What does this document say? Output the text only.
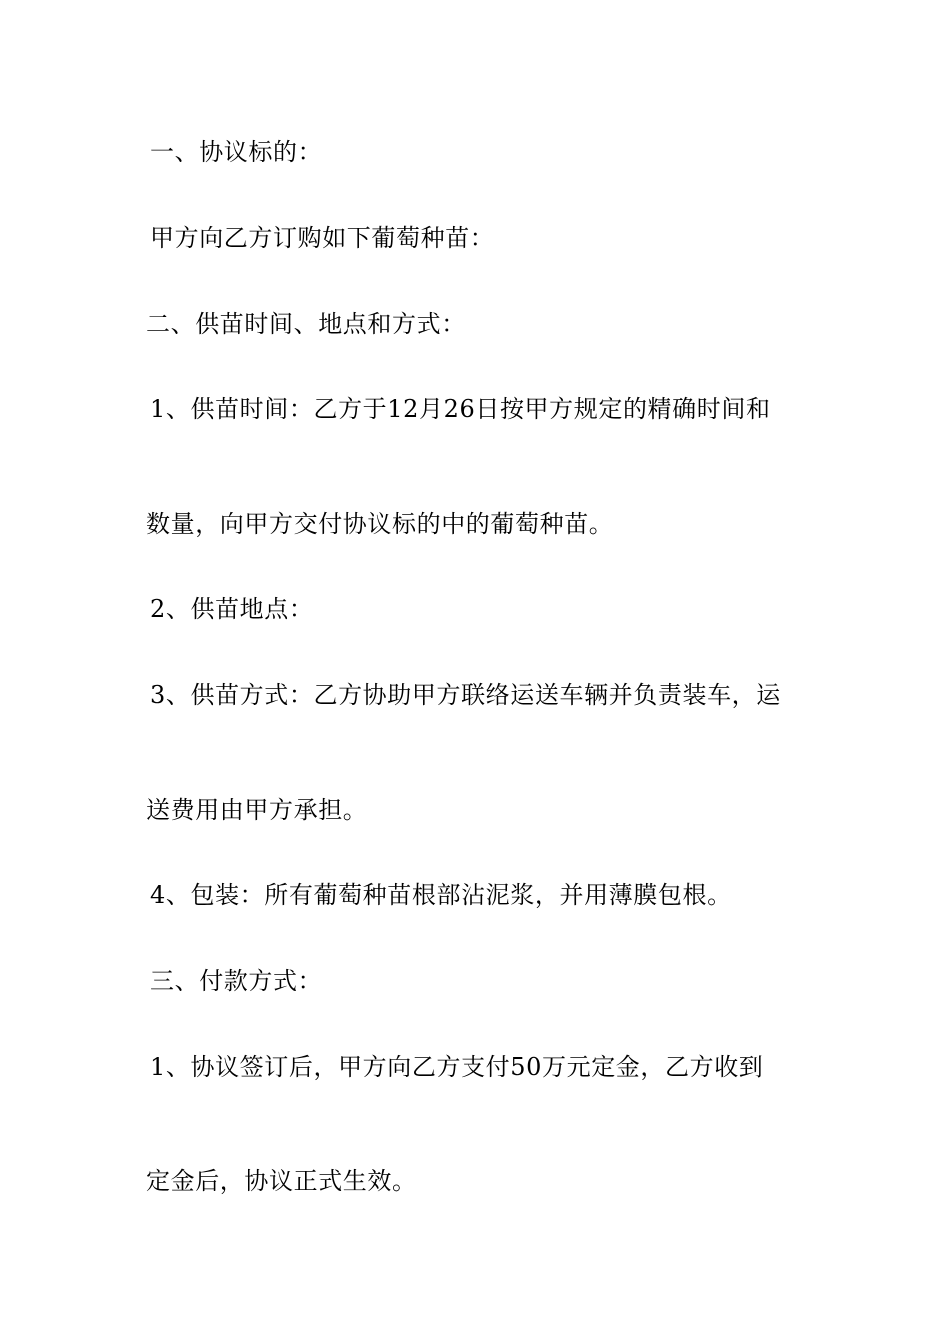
一、协议标的：
甲方向乙方订购如下葡萄种苗：
二、供苗时间、地点和方式：
1、供苗时间：乙方于12月26日按甲方规定的精确时间和
数量，向甲方交付协议标的中的葡萄种苗。
2、供苗地点：
3、供苗方式：乙方协助甲方联络运送车辆并负责装车，运
送费用由甲方承担。
4、包装：所有葡萄种苗根部沾泥浆，并用薄膜包根。
三、付款方式：
1、协议签订后，甲方向乙方支付50万元定金，乙方收到
定金后，协议正式生效。
